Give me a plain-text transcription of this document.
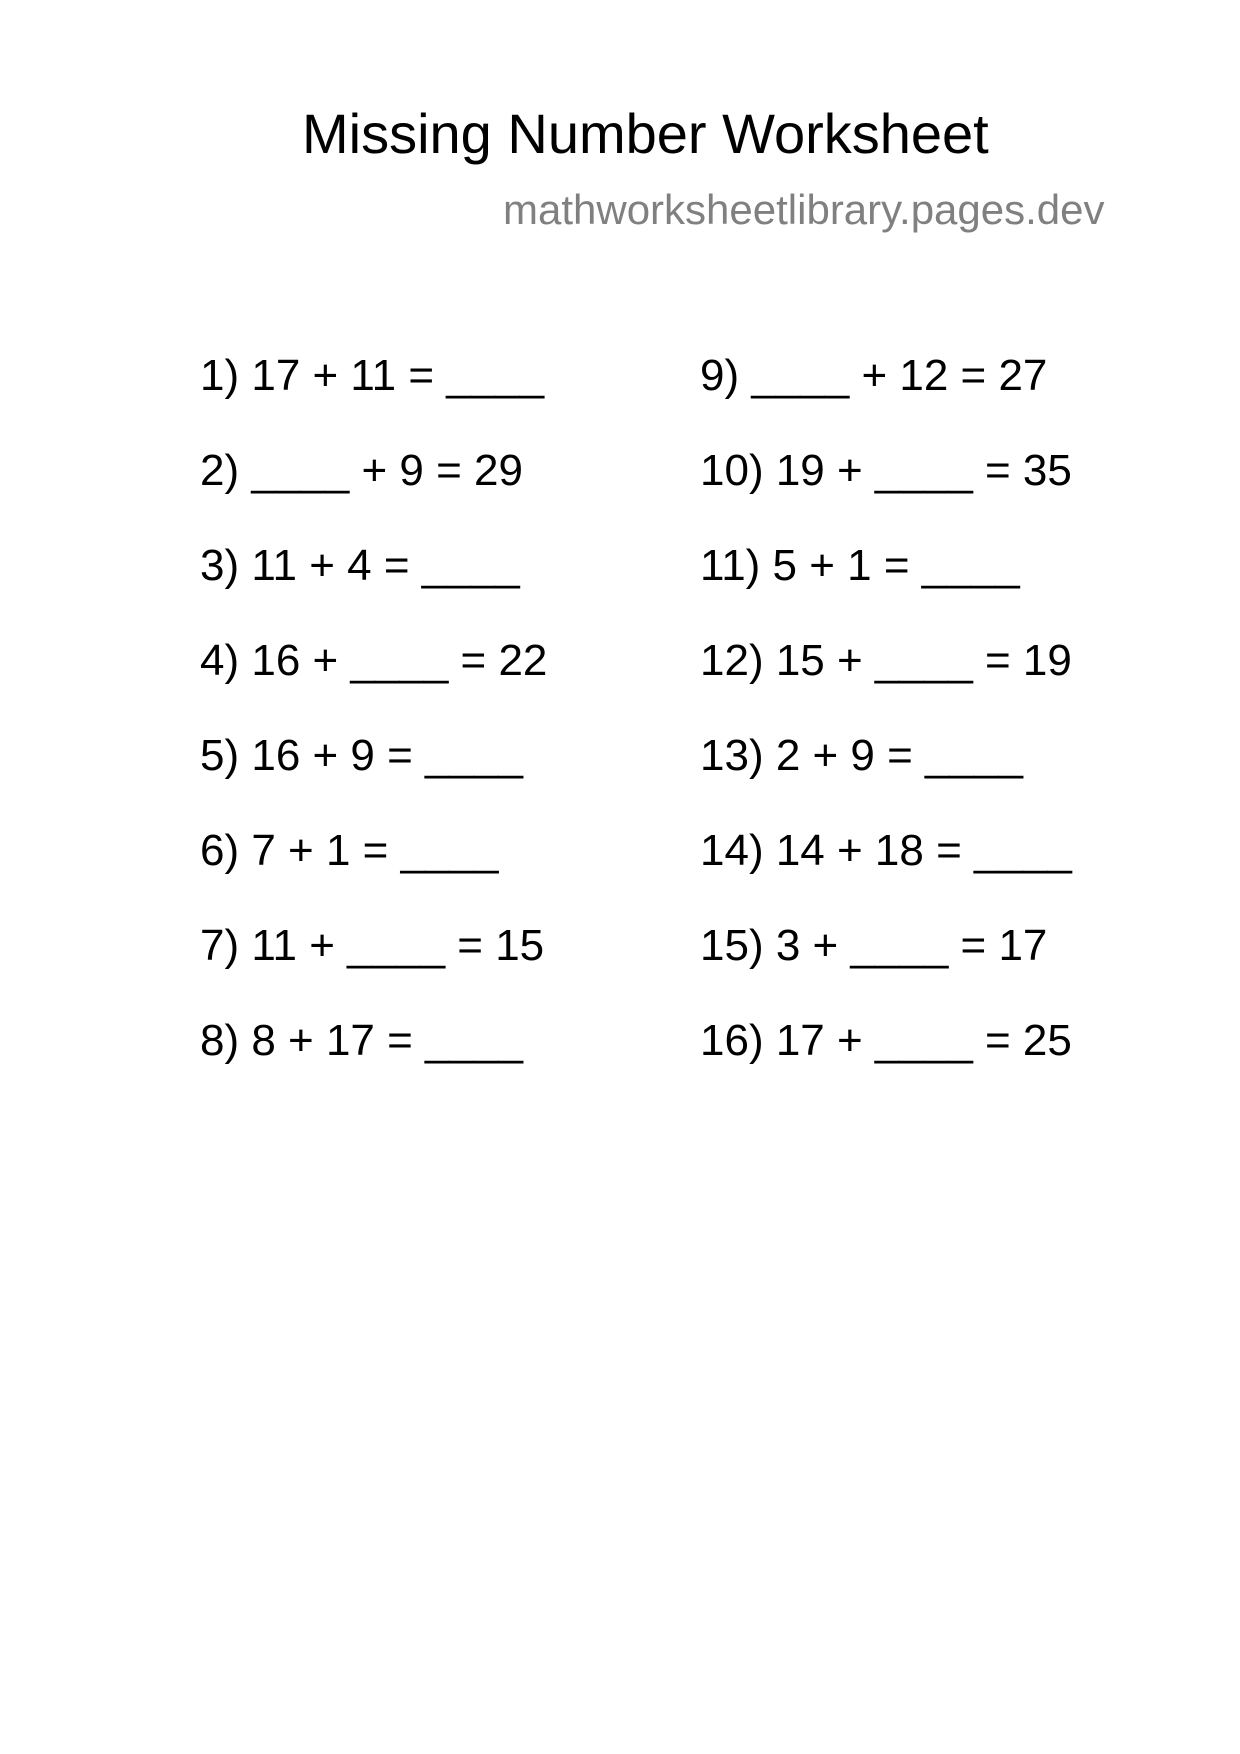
Missing Number Worksheet
mathworksheetlibrary.pages.dev
1) 17 + 11 = ____
2) ____ + 9 = 29
3) 11 + 4 = ____
4) 16 + ____ = 22
5) 16 + 9 = ____
6) 7 + 1 = ____
7) 11 + ____ = 15
8) 8 + 17 = ____
9) ____ + 12 = 27
10) 19 + ____ = 35
11) 5 + 1 = ____
12) 15 + ____ = 19
13) 2 + 9 = ____
14) 14 + 18 = ____
15) 3 + ____ = 17
16) 17 + ____ = 25
